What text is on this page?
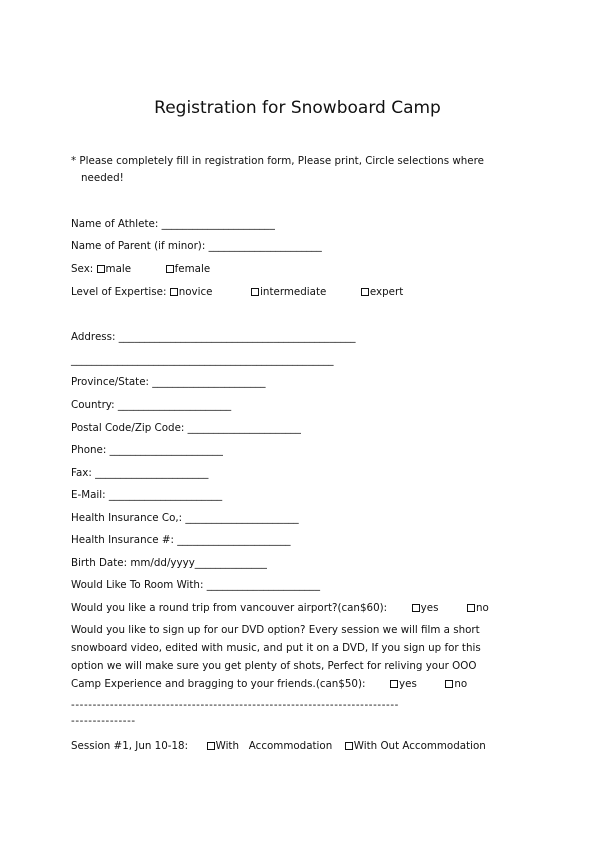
Registration for Snowboard Camp
* Please completely fill in registration form, Please print, Circle selections where
needed!
Name of Athlete: ______________________
Name of Parent (if minor): ______________________
Sex: male	female
Level of Expertise: novice	intermediate	expert
Address: ______________________________________________
___________________________________________________
Province/State: ______________________
Country: ______________________
Postal Code/Zip Code: ______________________
Phone: ______________________
Fax: ______________________
E-Mail: ______________________
Health Insurance Co,: ______________________
Health Insurance #: ______________________
Birth Date: mm/dd/yyyy______________
Would Like To Room With: ______________________
Would you like a round trip from vancouver airport?(can$60):	yes	no
Would you like to sign up for our DVD option? Every session we will film a short
snowboard video, edited with music, and put it on a DVD, If you sign up for this
option we will make sure you get plenty of shots, Perfect for reliving your OOO
Camp Experience and bragging to your friends.(can$50):	yes	no
----------------------------------------------------------------------------
---------------
Session #1, Jun 10-18:	With   Accommodation With Out Accommodation
